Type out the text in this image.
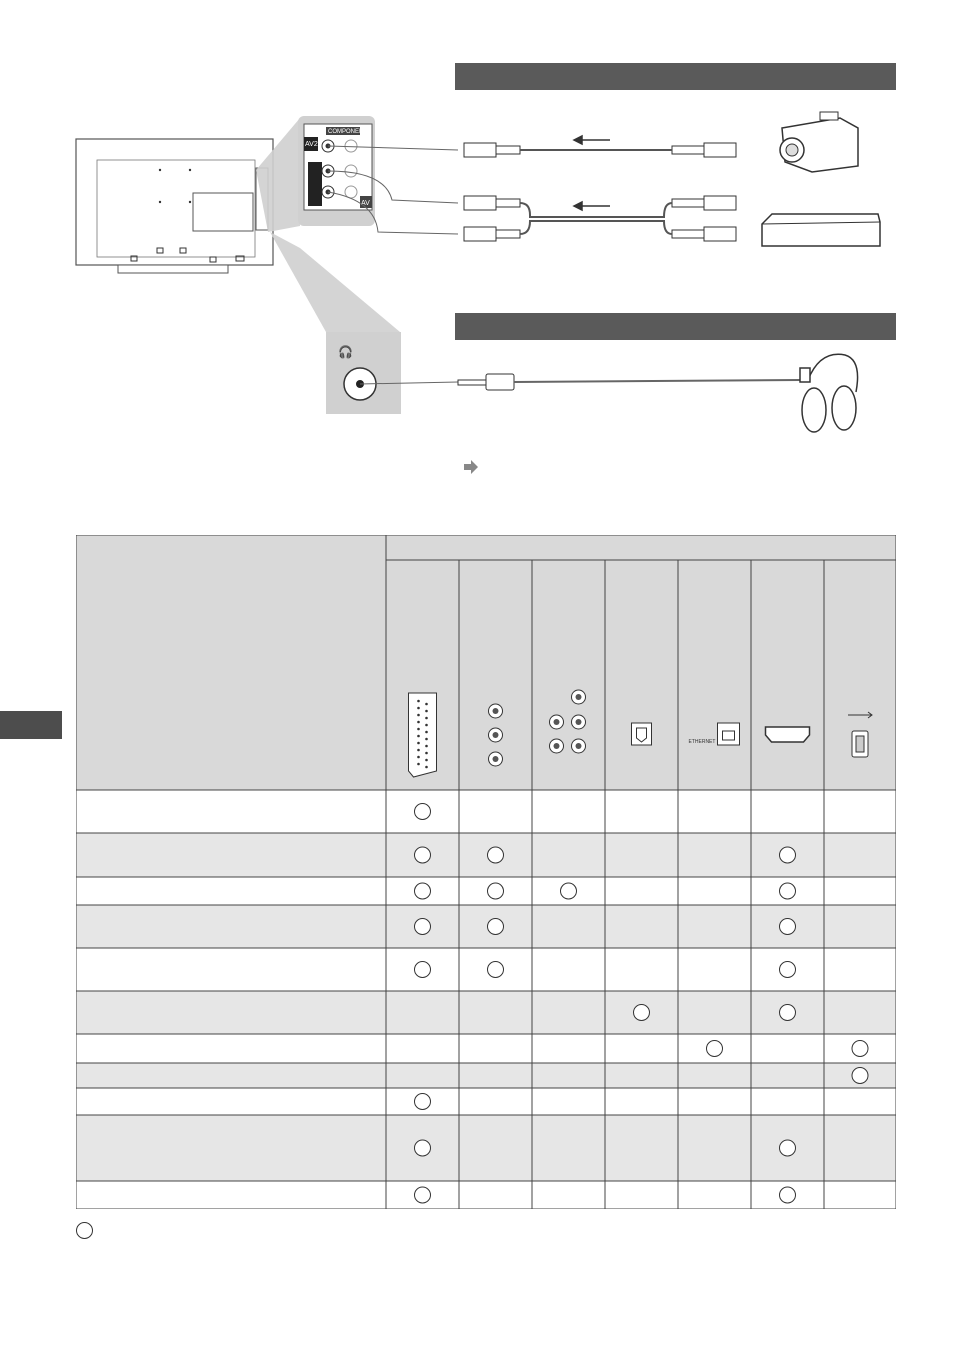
COMPONENT
AV2
AV
🎧
ETHERNET
